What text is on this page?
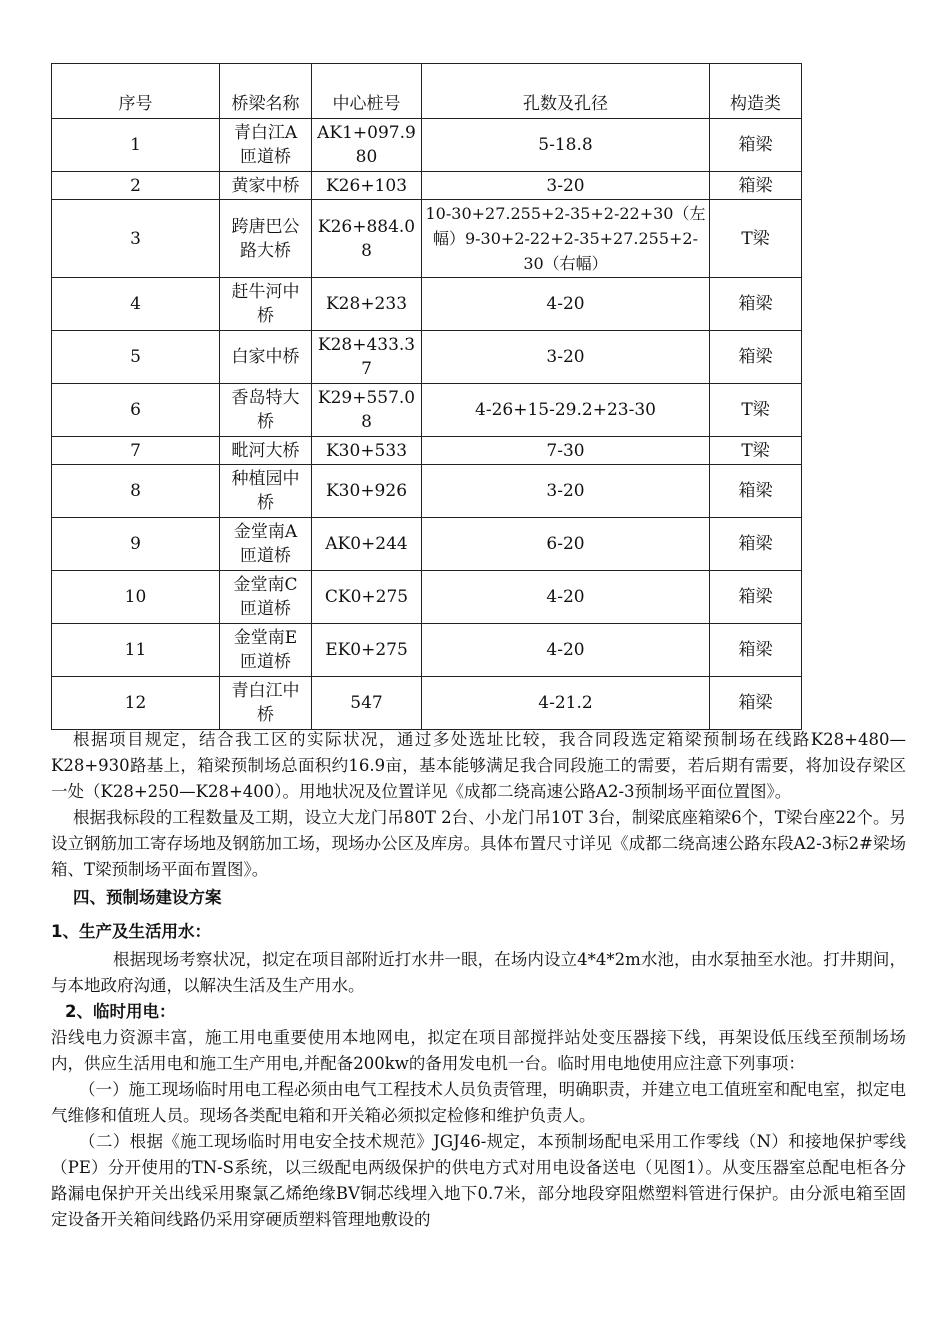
序号	桥梁名称	中心桩号	孔数及孔径	构造类
1	青白江A匝道桥	AK1+097.980	5-18.8	箱梁
2	黄家中桥	K26+103	3-20	箱梁
3	跨唐巴公路大桥	K26+884.08	10-30+27.255+2-35+2-22+30（左幅）9-30+2-22+2-35+27.255+2-30（右幅）	T梁
4	赶牛河中桥	K28+233	4-20	箱梁
5	白家中桥	K28+433.37	3-20	箱梁
6	香岛特大桥	K29+557.08	4-26+15-29.2+23-30	T梁
7	毗河大桥	K30+533	7-30	T梁
8	种植园中桥	K30+926	3-20	箱梁
9	金堂南A匝道桥	AK0+244	6-20	箱梁
10	金堂南C匝道桥	CK0+275	4-20	箱梁
11	金堂南E匝道桥	EK0+275	4-20	箱梁
12	青白江中桥	547	4-21.2	箱梁

根据项目规定，结合我工区的实际状况，通过多处选址比较，我合同段选定箱梁预制场在线路K28+480—K28+930路基上，箱梁预制场总面积约16.9亩，基本能够满足我合同段施工的需要，若后期有需要，将加设存梁区一处（K28+250—K28+400）。用地状况及位置详见《成都二绕高速公路A2-3预制场平面位置图》。

根据我标段的工程数量及工期，设立大龙门吊80T 2台、小龙门吊10T 3台，制梁底座箱梁6个，T梁台座22个。另设立钢筋加工寄存场地及钢筋加工场，现场办公区及库房。具体布置尺寸详见《成都二绕高速公路东段A2-3标2#梁场箱、T梁预制场平面布置图》。

四、预制场建设方案

1、生产及生活用水：

根据现场考察状况，拟定在项目部附近打水井一眼，在场内设立4*4*2m水池，由水泵抽至水池。打井期间，与本地政府沟通，以解决生活及生产用水。

2、临时用电：

沿线电力资源丰富，施工用电重要使用本地网电，拟定在项目部搅拌站处变压器接下线，再架设低压线至预制场场内，供应生活用电和施工生产用电,并配备200kw的备用发电机一台。临时用电地使用应注意下列事项：

（一）施工现场临时用电工程必须由电气工程技术人员负责管理，明确职责，并建立电工值班室和配电室，拟定电气维修和值班人员。现场各类配电箱和开关箱必须拟定检修和维护负责人。

（二）根据《施工现场临时用电安全技术规范》JGJ46-规定，本预制场配电采用工作零线（N）和接地保护零线（PE）分开使用的TN-S系统，以三级配电两级保护的供电方式对用电设备送电（见图1）。从变压器室总配电柜各分路漏电保护开关出线采用聚氯乙烯绝缘BV铜芯线埋入地下0.7米，部分地段穿阻燃塑料管进行保护。由分派电箱至固定设备开关箱间线路仍采用穿硬质塑料管理地敷设的
